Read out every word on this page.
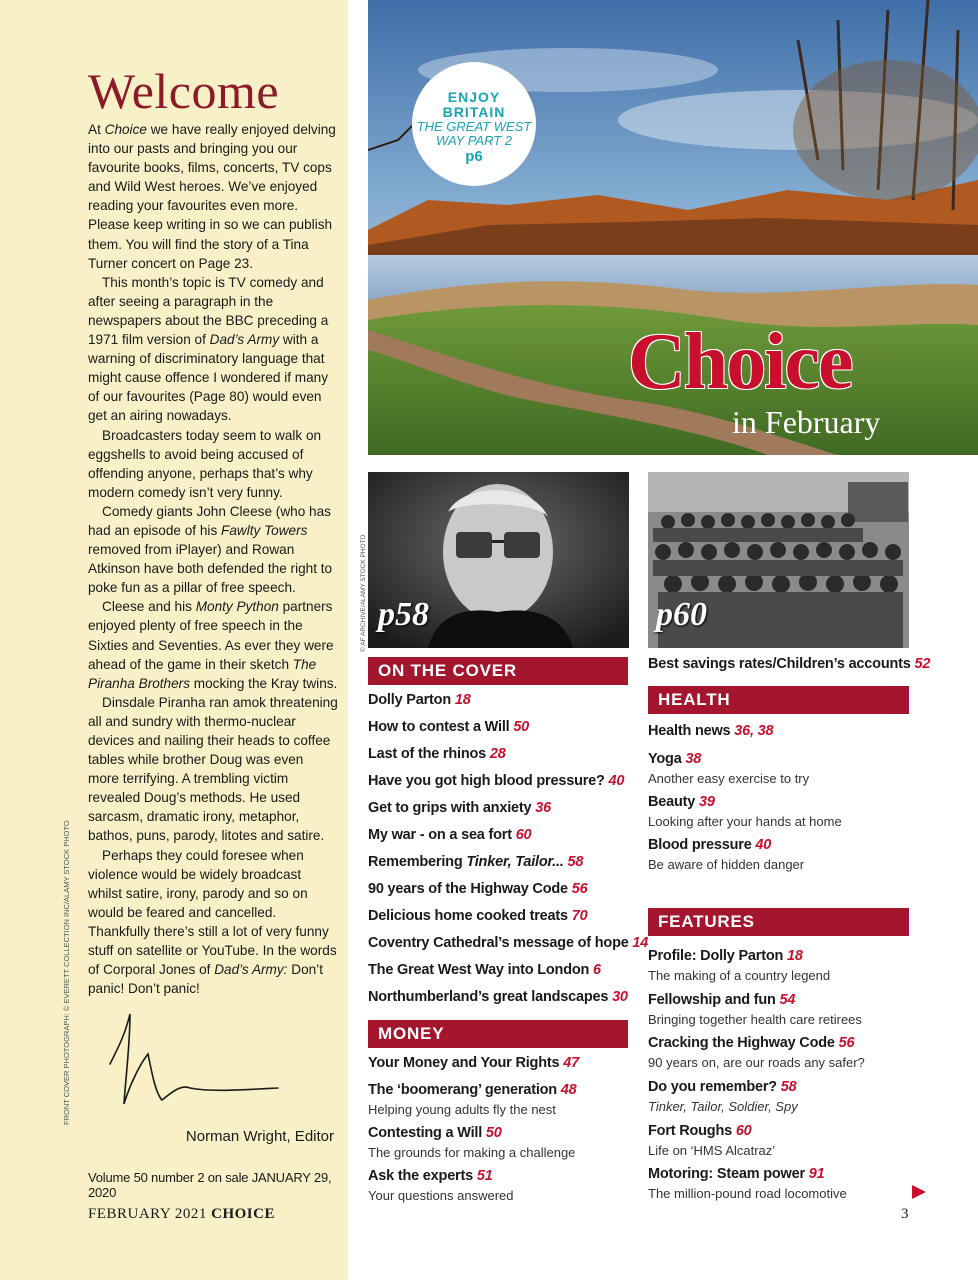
Welcome

At Choice we have really enjoyed delving into our pasts and bringing you our favourite books, films, concerts, TV cops and Wild West heroes. We’ve enjoyed reading your favourites even more. Please keep writing in so we can publish them. You will find the story of a Tina Turner concert on Page 23.

This month’s topic is TV comedy and after seeing a paragraph in the newspapers about the BBC preceding a 1971 film version of Dad’s Army with a warning of discriminatory language that might cause offence I wondered if many of our favourites (Page 80) would even get an airing nowadays.

Broadcasters today seem to walk on eggshells to avoid being accused of offending anyone, perhaps that’s why modern comedy isn’t very funny.

Comedy giants John Cleese (who has had an episode of his Fawlty Towers removed from iPlayer) and Rowan Atkinson have both defended the right to poke fun as a pillar of free speech.

Cleese and his Monty Python partners enjoyed plenty of free speech in the Sixties and Seventies. As ever they were ahead of the game in their sketch The Piranha Brothers mocking the Kray twins.

Dinsdale Piranha ran amok threatening all and sundry with thermo-nuclear devices and nailing their heads to coffee tables while brother Doug was even more terrifying. A trembling victim revealed Doug’s methods. He used sarcasm, dramatic irony, metaphor, bathos, puns, parody, litotes and satire.

Perhaps they could foresee when violence would be widely broadcast whilst satire, irony, parody and so on would be feared and cancelled. Thankfully there’s still a lot of very funny stuff on satellite or YouTube. In the words of Corporal Jones of Dad’s Army: Don’t panic! Don’t panic!

Norman Wright, Editor
Volume 50 number 2 on sale JANUARY 29, 2020
FEBRUARY 2021 CHOICE
FRONT COVER PHOTOGRAPH: © EVERETT COLLECTION INC/ALAMY STOCK PHOTO
ENJOY
BRITAIN
THE GREAT WEST
WAY PART 2
p6
Choice
in February
p58
© AF ARCHIVE/ALAMY STOCK PHOTO	p60
ON THE COVER
MONEY
HEALTH
FEATURES
Dolly Parton 18
How to contest a Will 50
Last of the rhinos 28
Have you got high blood pressure? 40
Get to grips with anxiety 36
My war - on a sea fort 60
Remembering Tinker, Tailor... 58
90 years of the Highway Code 56
Delicious home cooked treats 70
Coventry Cathedral’s message of hope 14
The Great West Way into London 6
Northumberland’s great landscapes 30
Your Money and Your Rights 47
The ‘boomerang’ generation 48
Helping young adults fly the nest
Contesting a Will 50
The grounds for making a challenge
Ask the experts 51
Your questions answered
Best savings rates/Children’s accounts 52
Health news 36, 38
Yoga 38
Another easy exercise to try
Beauty 39
Looking after your hands at home
Blood pressure 40
Be aware of hidden danger
Profile: Dolly Parton 18
The making of a country legend
Fellowship and fun 54
Bringing together health care retirees
Cracking the Highway Code 56
90 years on, are our roads any safer?
Do you remember? 58
Tinker, Tailor, Soldier, Spy
Fort Roughs 60
Life on ‘HMS Alcatraz’
Motoring: Steam power 91
The million-pound road locomotive
3
